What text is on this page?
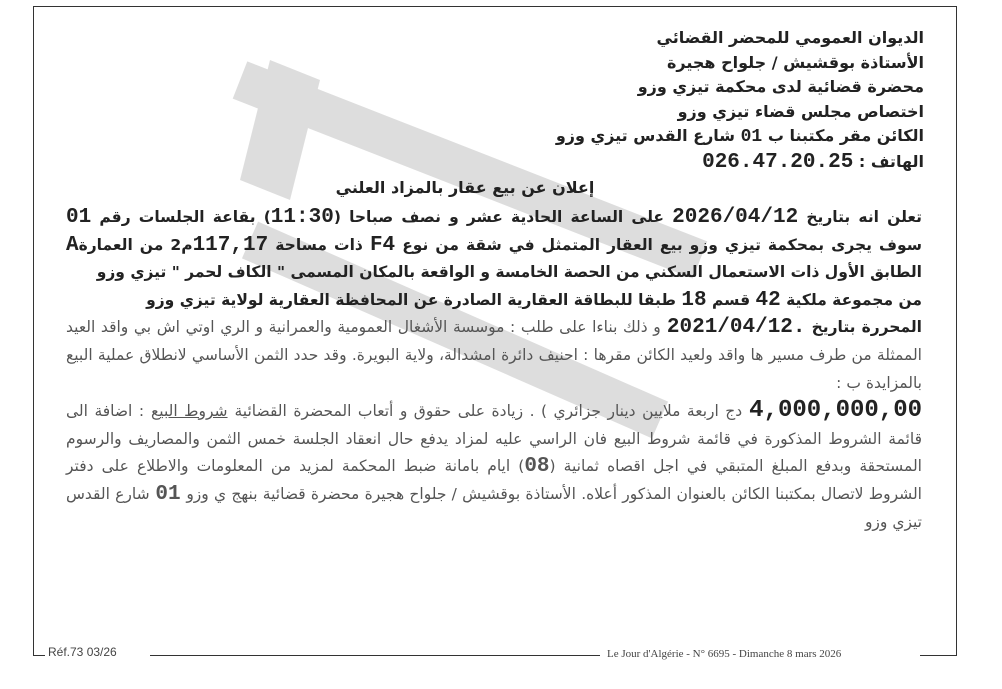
الديوان العمومي للمحضر القضائي
الأستاذة بوقشيش / جلواح هجيرة
محضرة قضائية لدى محكمة تيزي وزو
اختصاص مجلس قضاء تيزي وزو
الكائن مقر مكتبنا ب 01 شارع القدس تيزي وزو
الهاتف : 026.47.20.25
إعلان عن بيع عقار بالمزاد العلني
تعلن انه بتاريخ 2026/04/12 على الساعة الحادية عشر و نصف صباحا (11:30) بقاعة الجلسات رقم 01 سوف يجرى بمحكمة تيزي وزو بيع العقار المتمثل في شقة من نوع F4 ذات مساحة 117,17م2 من العمارةA الطابق الأول ذات الاستعمال السكني من الحصة الخامسة و الواقعة بالمكان المسمى " الكاف لحمر " تيزي وزو
من مجموعة ملكية 42 قسم 18 طبقا للبطاقة العقارية الصادرة عن المحافظة العقارية لولاية تيزي وزو
المحررة بتاريخ 2021/04/12. و ذلك بناءا على طلب : موسسة الأشغال العمومية والعمرانية و الري اوتي اش بي واقد العيد الممثلة من طرف مسير ها واقد ولعيد الكائن مقرها : احنيف دائرة امشدالة، ولاية البويرة. وقد حدد الثمن الأساسي لانطلاق عملية البيع بالمزايدة ب :
4,000,000,00 دج اربعة ملايين دينار جزائري ) . زيادة على حقوق و أتعاب المحضرة القضائية شروط البيع : اضافة الى قائمة الشروط المذكورة في قائمة شروط البيع فان الراسي عليه لمزاد يدفع حال انعقاد الجلسة خمس الثمن والمصاريف والرسوم المستحقة وبدفع المبلغ المتبقي في اجل اقصاه ثمانية (08) ايام بامانة ضبط المحكمة لمزيد من المعلومات والاطلاع على دفتر الشروط لاتصال بمكتبنا الكائن بالعنوان المذكور أعلاه. الأستاذة بوقشيش / جلواح هجيرة محضرة قضائية بنهج ي وزو 01 شارع القدس تيزي وزو
Réf.73 03/26	Le Jour d'Algérie - N° 6695 - Dimanche 8 mars 2026
